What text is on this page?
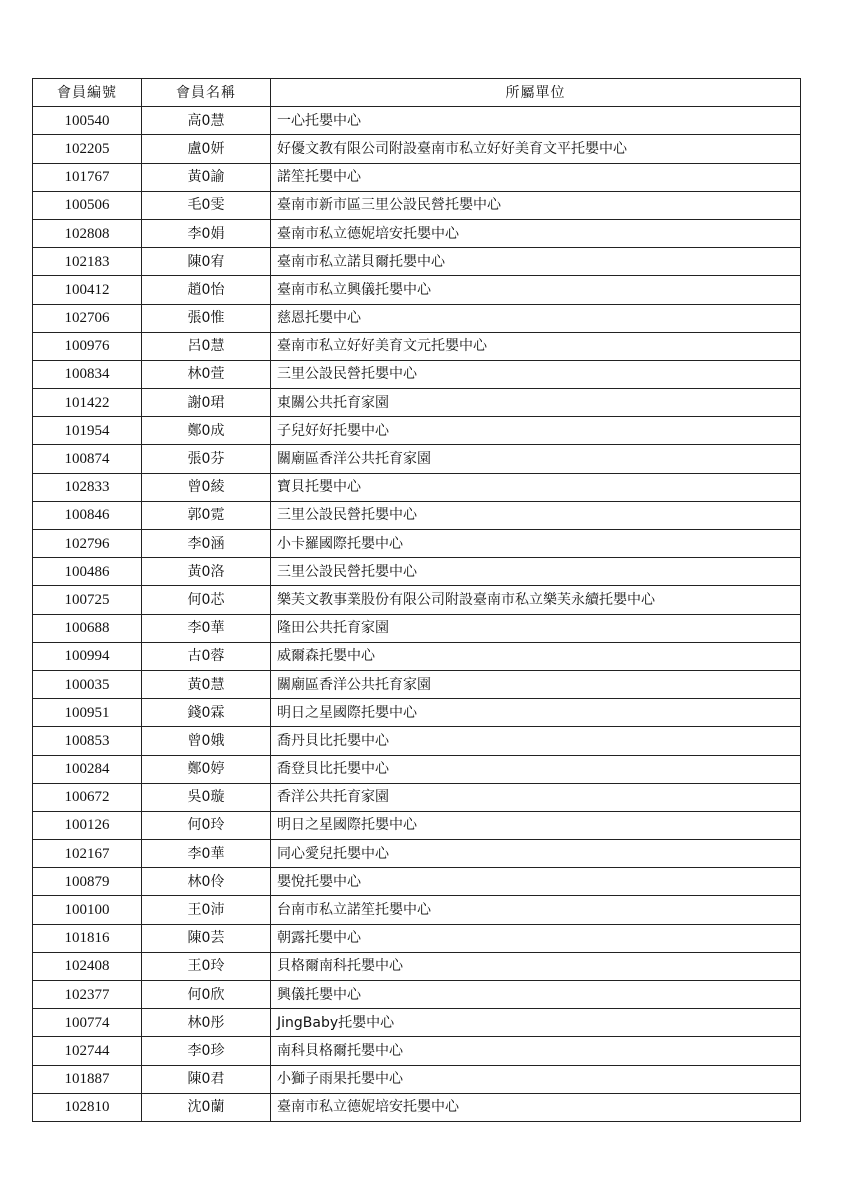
會員編號	會員名稱	所屬單位
100540	高0慧	一心托嬰中心
102205	盧0妍	好優文教有限公司附設臺南市私立好好美育文平托嬰中心
101767	黃0諭	諾笙托嬰中心
100506	毛0雯	臺南市新市區三里公設民營托嬰中心
102808	李0娟	臺南市私立德妮培安托嬰中心
102183	陳0宥	臺南市私立諾貝爾托嬰中心
100412	趙0怡	臺南市私立興儀托嬰中心
102706	張0惟	慈恩托嬰中心
100976	呂0慧	臺南市私立好好美育文元托嬰中心
100834	林0萱	三里公設民營托嬰中心
101422	謝0珺	東關公共托育家園
101954	鄭0成	子兒好好托嬰中心
100874	張0芬	關廟區香洋公共托育家園
102833	曾0綾	寶貝托嬰中心
100846	郭0霓	三里公設民營托嬰中心
102796	李0涵	小卡羅國際托嬰中心
100486	黃0洛	三里公設民營托嬰中心
100725	何0芯	樂芙文教事業股份有限公司附設臺南市私立樂芙永續托嬰中心
100688	李0華	隆田公共托育家園
100994	古0蓉	威爾森托嬰中心
100035	黃0慧	關廟區香洋公共托育家園
100951	錢0霖	明日之星國際托嬰中心
100853	曾0娥	喬丹貝比托嬰中心
100284	鄭0婷	喬登貝比托嬰中心
100672	吳0璇	香洋公共托育家園
100126	何0玲	明日之星國際托嬰中心
102167	李0華	同心愛兒托嬰中心
100879	林0伶	嬰悅托嬰中心
100100	王0沛	台南市私立諾笙托嬰中心
101816	陳0芸	朝露托嬰中心
102408	王0玲	貝格爾南科托嬰中心
102377	何0欣	興儀托嬰中心
100774	林0彤	JingBaby托嬰中心
102744	李0珍	南科貝格爾托嬰中心
101887	陳0君	小獅子雨果托嬰中心
102810	沈0蘭	臺南市私立德妮培安托嬰中心
